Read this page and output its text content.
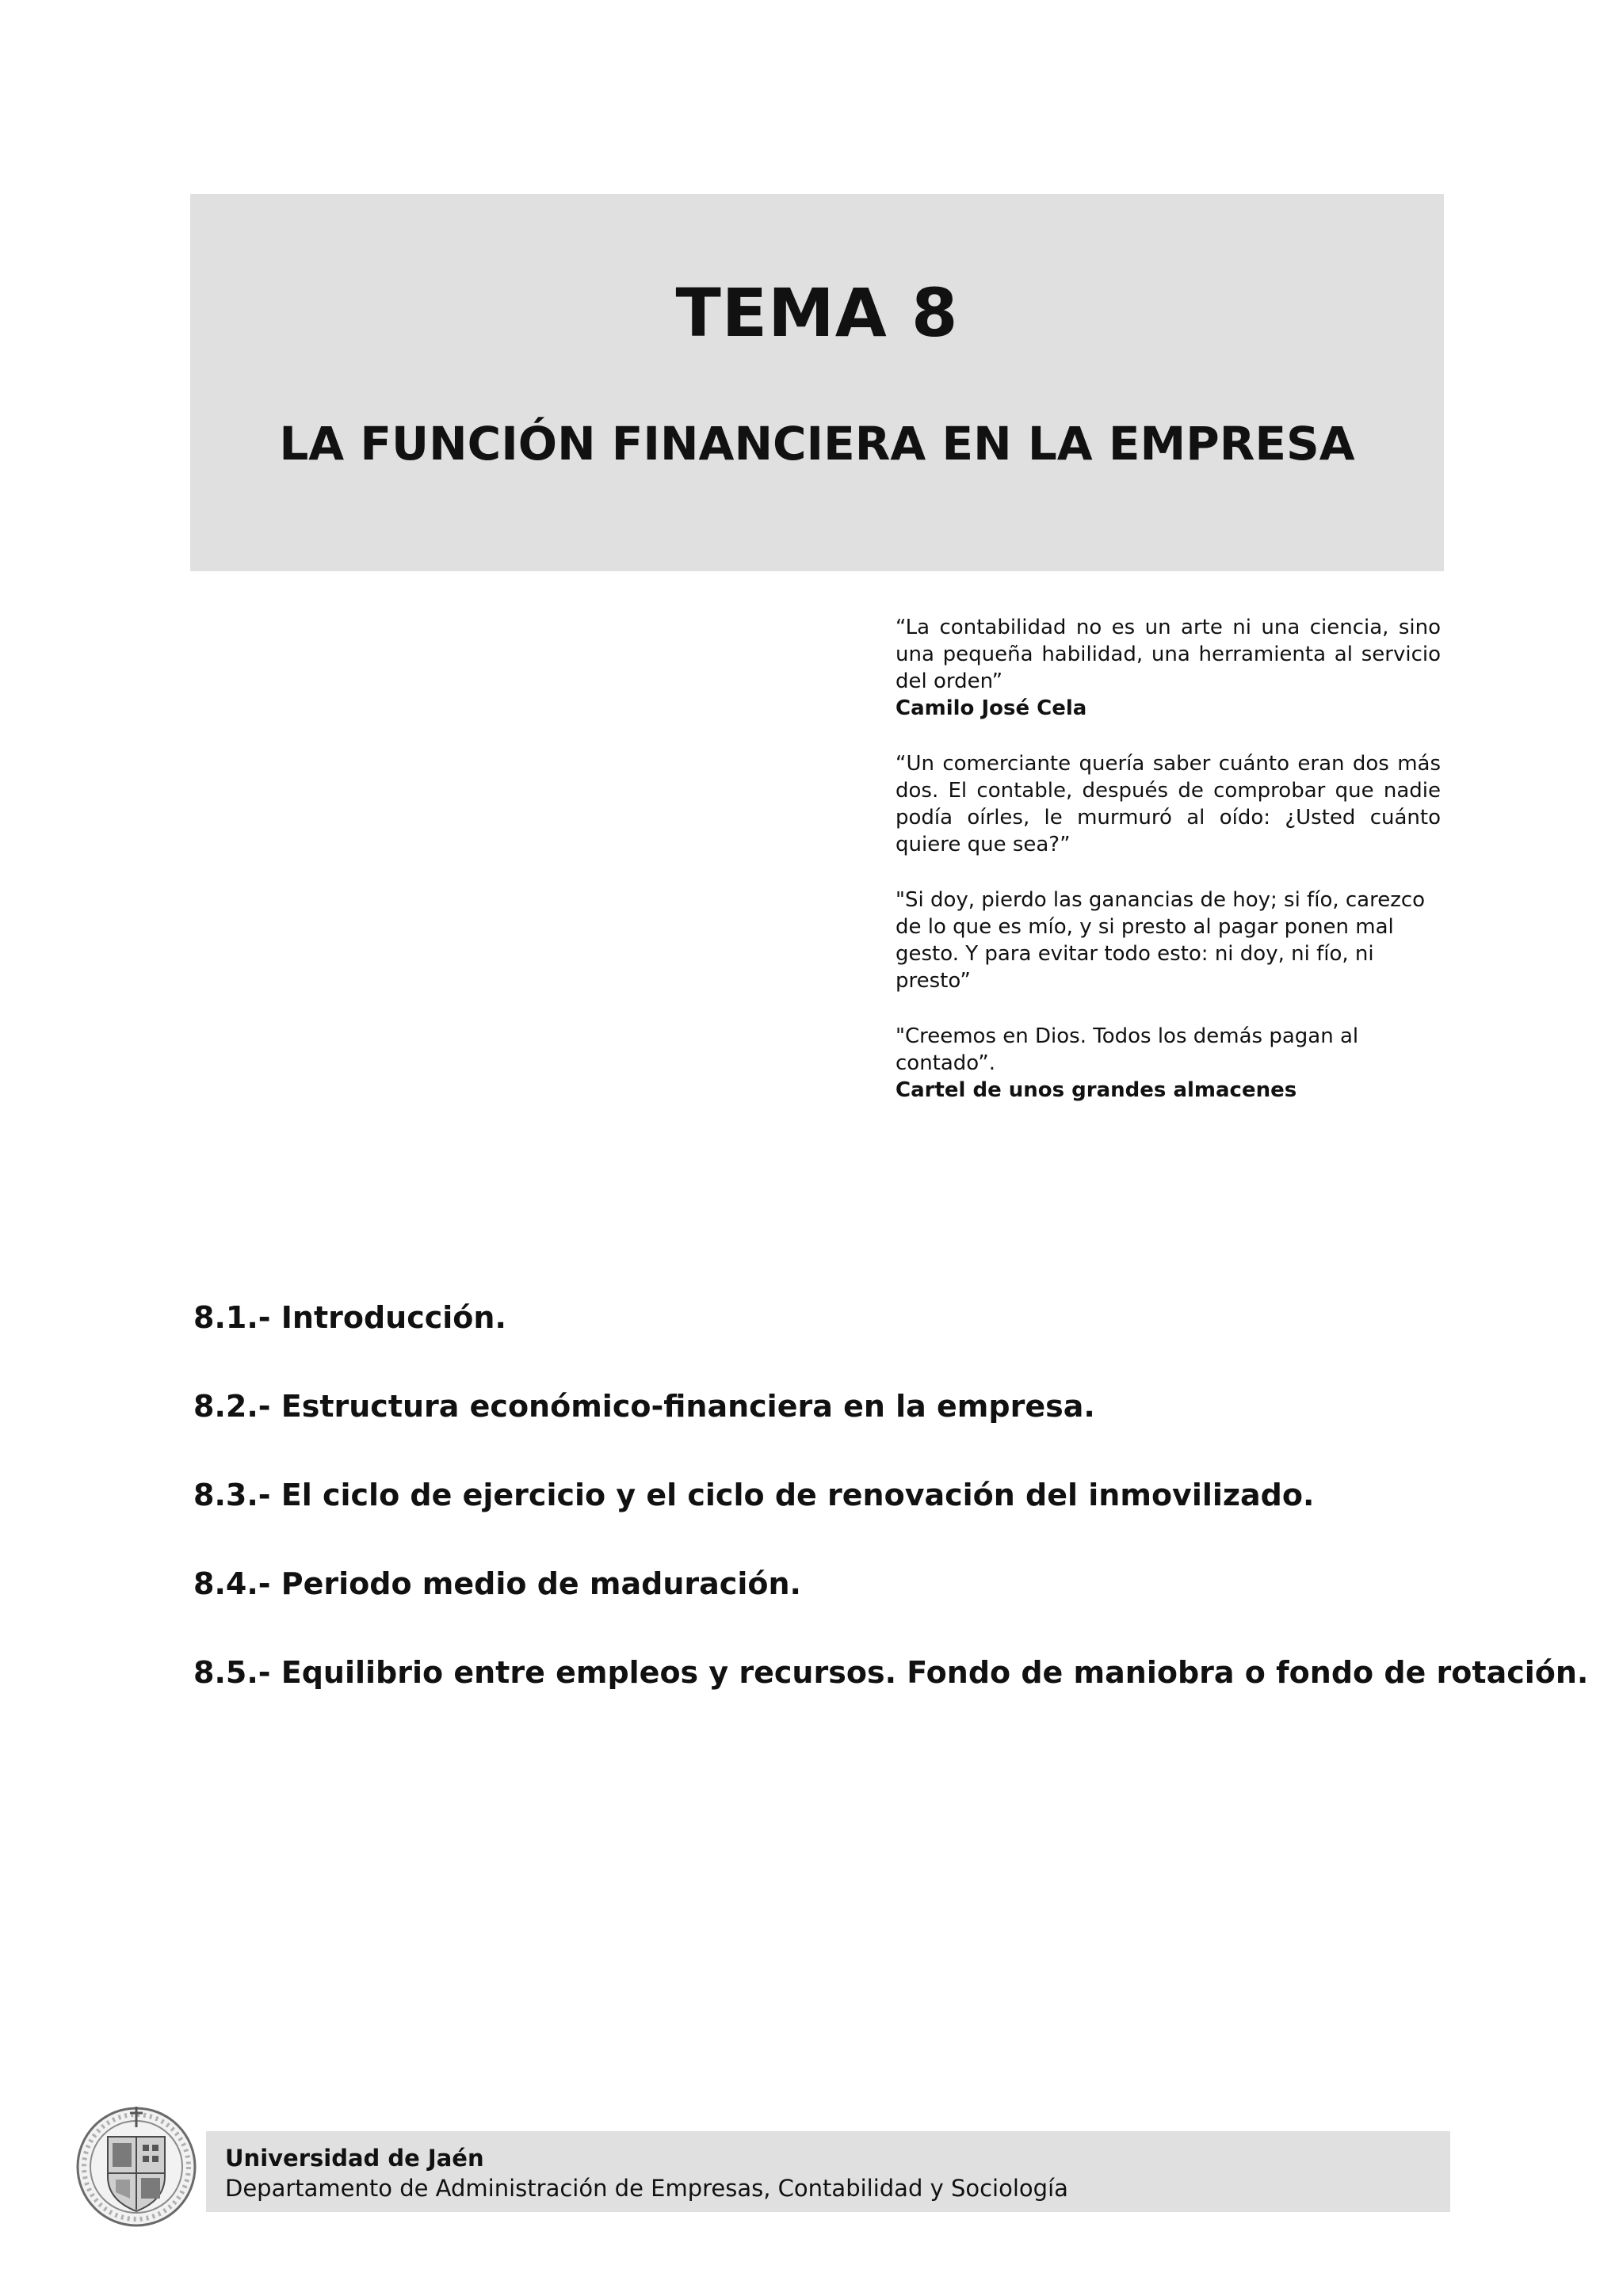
TEMA 8
LA FUNCIÓN FINANCIERA EN LA EMPRESA

“La contabilidad no es un arte ni una ciencia, sino una pequeña habilidad, una herramienta al servicio del orden”

Camilo José Cela

“Un comerciante quería saber cuánto eran dos más dos. El contable, después de comprobar que nadie podía oírles, le murmuró al oído: ¿Usted cuánto quiere que sea?”

"Si doy, pierdo las ganancias de hoy; si fío, carezco de lo que es mío, y si presto al pagar ponen mal gesto. Y para evitar todo esto: ni doy, ni fío, ni presto”

"Creemos en Dios. Todos los demás pagan al contado”.

Cartel de unos grandes almacenes

8.1.- Introducción.
8.2.- Estructura económico-financiera en la empresa.
8.3.- El ciclo de ejercicio y el ciclo de renovación del inmovilizado.
8.4.- Periodo medio de maduración.
8.5.- Equilibrio entre empleos y recursos. Fondo de maniobra o fondo de rotación.

Universidad de Jaén

Departamento de Administración de Empresas, Contabilidad y Sociología
